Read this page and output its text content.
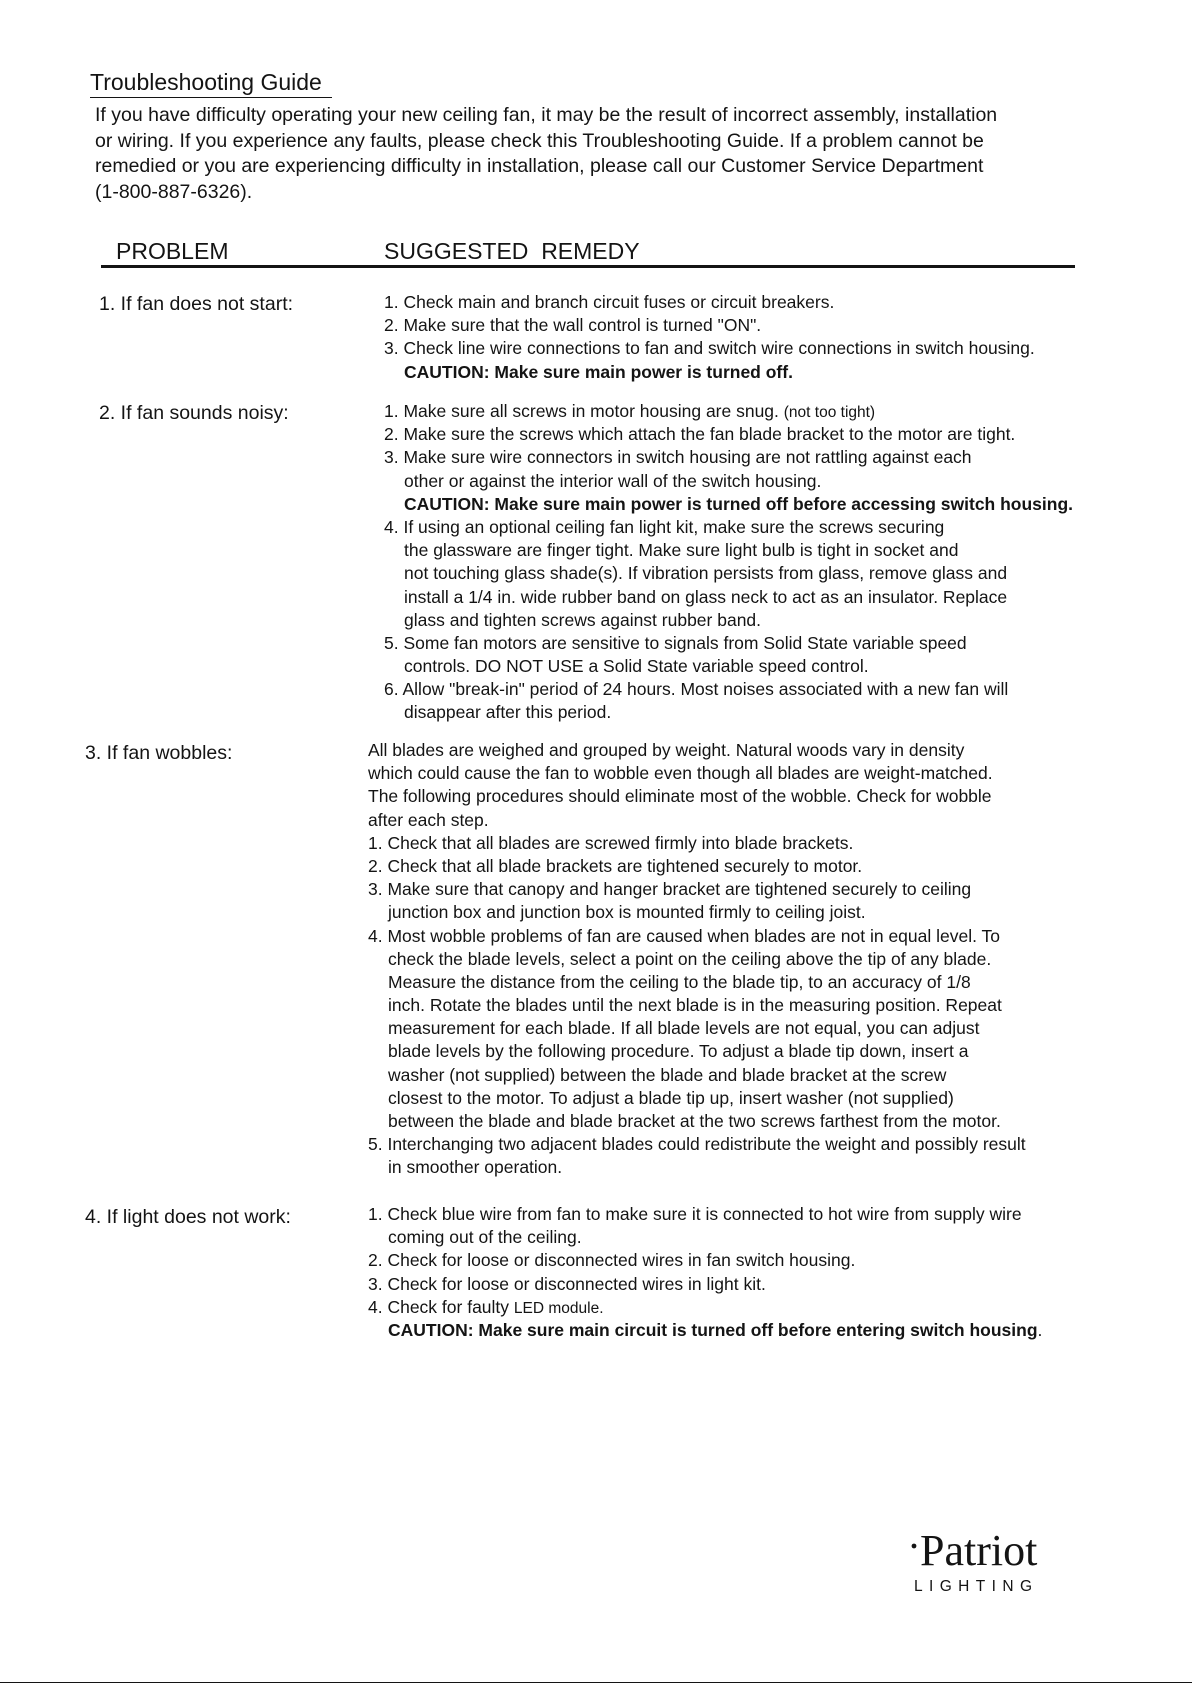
Troubleshooting Guide

If you have difficulty operating your new ceiling fan, it may be the result of incorrect assembly, installation

or wiring. If you experience any faults, please check this Troubleshooting Guide. If a problem cannot be

remedied or you are experiencing difficulty in installation, please call our Customer Service Department

(1-800-887-6326).

PROBLEM	SUGGESTED  REMEDY
1. If fan does not start:	1. Check main and branch circuit fuses or circuit breakers.
2. Make sure that the wall control is turned "ON".
3. Check line wire connections to fan and switch wire connections in switch housing.
CAUTION: Make sure main power is turned off.
2. If fan sounds noisy:	1. Make sure all screws in motor housing are snug. (not too tight)
2. Make sure the screws which attach the fan blade bracket to the motor are tight.
3. Make sure wire connectors in switch housing are not rattling against each
other or against the interior wall of the switch housing.
CAUTION: Make sure main power is turned off before accessing switch housing.
4. If using an optional ceiling fan light kit, make sure the screws securing
the glassware are finger tight. Make sure light bulb is tight in socket and
not touching glass shade(s). If vibration persists from glass, remove glass and
install a 1/4 in. wide rubber band on glass neck to act as an insulator. Replace
glass and tighten screws against rubber band.
5. Some fan motors are sensitive to signals from Solid State variable speed
controls. DO NOT USE a Solid State variable speed control.
6. Allow "break-in" period of 24 hours. Most noises associated with a new fan will
disappear after this period.
3. If fan wobbles:	All blades are weighed and grouped by weight. Natural woods vary in density
which could cause the fan to wobble even though all blades are weight-matched.
The following procedures should eliminate most of the wobble. Check for wobble
after each step.
1. Check that all blades are screwed firmly into blade brackets.
2. Check that all blade brackets are tightened securely to motor.
3. Make sure that canopy and hanger bracket are tightened securely to ceiling
junction box and junction box is mounted firmly to ceiling joist.
4. Most wobble problems of fan are caused when blades are not in equal level. To
check the blade levels, select a point on the ceiling above the tip of any blade.
Measure the distance from the ceiling to the blade tip, to an accuracy of 1/8
inch. Rotate the blades until the next blade is in the measuring position. Repeat
measurement for each blade. If all blade levels are not equal, you can adjust
blade levels by the following procedure. To adjust a blade tip down, insert a
washer (not supplied) between the blade and blade bracket at the screw
closest to the motor. To adjust a blade tip up, insert washer (not supplied)
between the blade and blade bracket at the two screws farthest from the motor.
5. Interchanging two adjacent blades could redistribute the weight and possibly result
in smoother operation.
4. If light does not work:	1. Check blue wire from fan to make sure it is connected to hot wire from supply wire
coming out of the ceiling.
2. Check for loose or disconnected wires in fan switch housing.
3. Check for loose or disconnected wires in light kit.
4. Check for faulty LED module.
CAUTION: Make sure main circuit is turned off before entering switch housing.
Patriot
LIGHTING
